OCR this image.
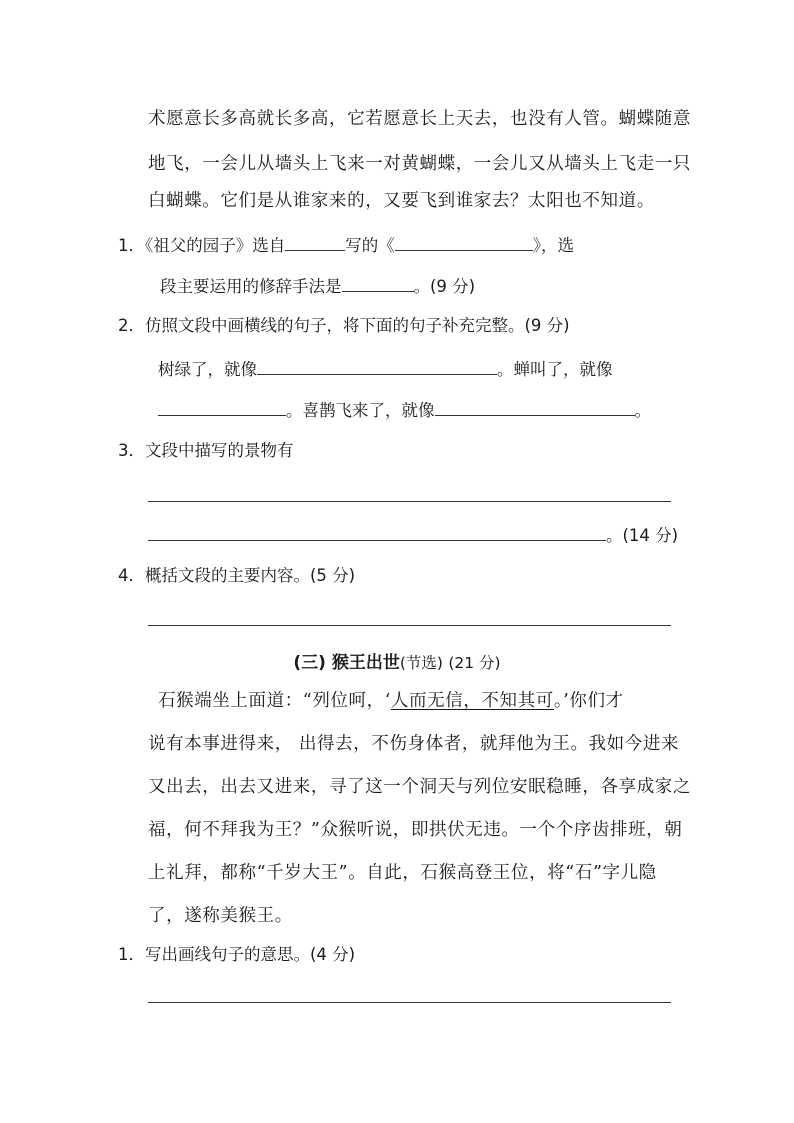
术愿意长多高就长多高，它若愿意长上天去，也没有人管。蝴蝶随意
地飞，一会儿从墙头上飞来一对黄蝴蝶，一会儿又从墙头上飞走一只
白蝴蝶。它们是从谁家来的，又要飞到谁家去？太阳也不知道。
1．《祖父的园子》选自	写的《	》，选
段主要运用的修辞手法是	。(9 分)
2．仿照文段中画横线的句子，将下面的句子补充完整。(9 分)
树绿了，就像	。蝉叫了，就像
。喜鹊飞来了，就像	。
3．文段中描写的景物有
。(14 分)
4．概括文段的主要内容。(5 分)
(三) 猴王出世(节选) (21 分)
石猴端坐上面道：“列位呵，‘人而无信，不知其可。’你们才
说有本事进得来， 出得去，不伤身体者，就拜他为王。我如今进来
又出去，出去又进来，寻了这一个洞天与列位安眠稳睡，各享成家之
福，何不拜我为王？”众猴听说，即拱伏无违。一个个序齿排班，朝
上礼拜，都称“千岁大王”。自此，石猴高登王位，将“石”字儿隐
了，遂称美猴王。
1．写出画线句子的意思。(4 分)
